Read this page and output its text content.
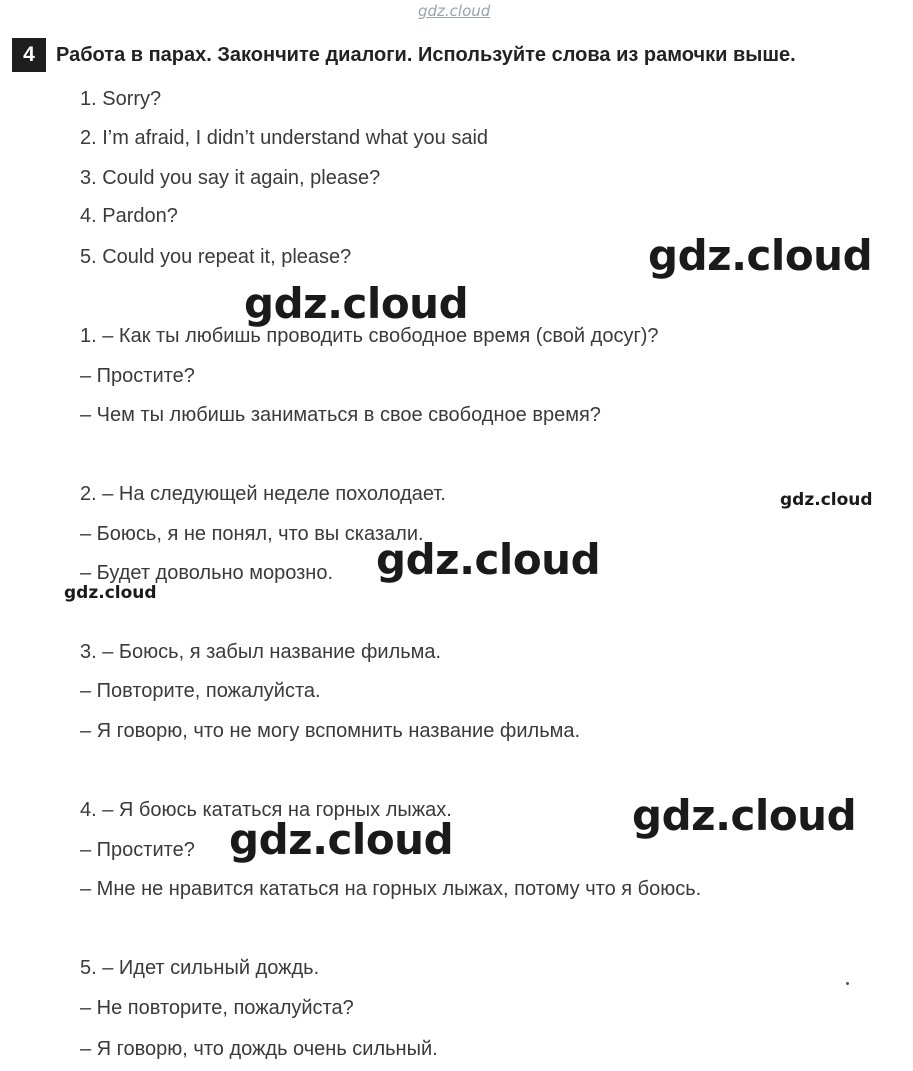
gdz.cloud
4	Работа в парах. Закончите диалоги. Используйте слова из рамочки выше.
1. Sorry?
2. I’m afraid, I didn’t understand what you said
3. Could you say it again, please?
4. Pardon?
5. Could you repeat it, please?
1. – Как ты любишь проводить свободное время (свой досуг)?
– Простите?
– Чем ты любишь заниматься в свое свободное время?
2. – На следующей неделе похолодает.
– Боюсь, я не понял, что вы сказали.
– Будет довольно морозно.
3. – Боюсь, я забыл название фильма.
– Повторите, пожалуйста.
– Я говорю, что не могу вспомнить название фильма.
4. – Я боюсь кататься на горных лыжах.
– Простите?
– Мне не нравится кататься на горных лыжах, потому что я боюсь.
5. – Идет сильный дождь.
– Не повторите, пожалуйста?
– Я говорю, что дождь очень сильный.
gdz.cloud
gdz.cloud
gdz.cloud
gdz.cloud
gdz.cloud
gdz.cloud
gdz.cloud
